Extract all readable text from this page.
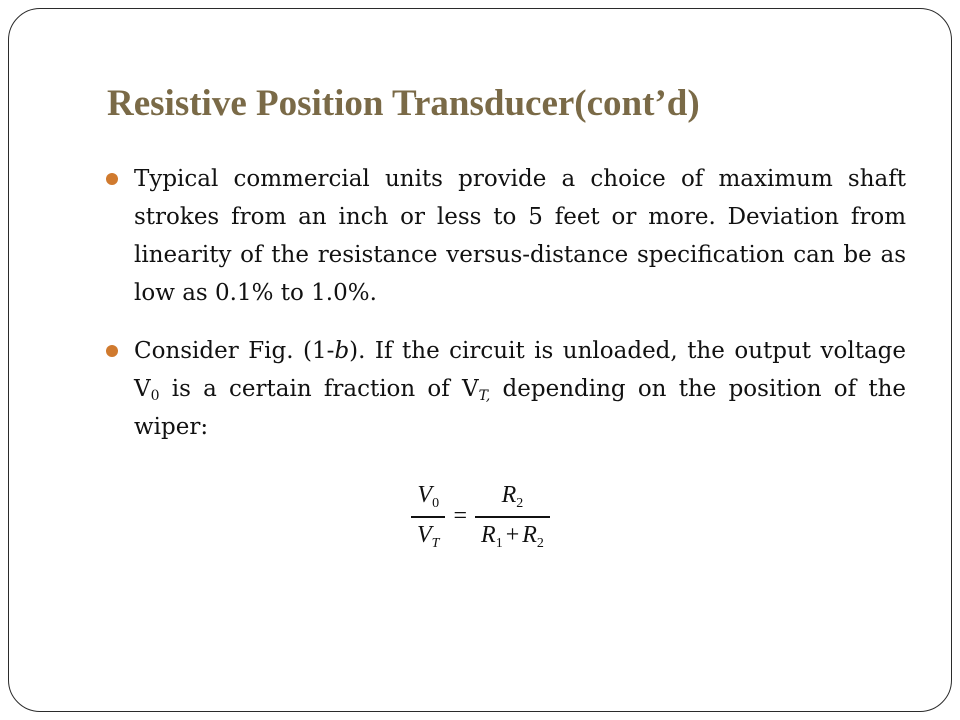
Resistive Position Transducer(cont’d)
Typical commercial units provide a choice of maximum shaft strokes from an inch or less to 5 feet or more. Deviation from linearity of the resistance versus-distance specification can be as low as 0.1% to 1.0%.
Consider Fig. (1-b). If the circuit is unloaded, the output voltage $V_0$ is a certain fraction of $V_{T,}$ depending on the position of the wiper:
$\frac{V_0}{V_T} = \frac{R_2}{R_1 + R_2}$
